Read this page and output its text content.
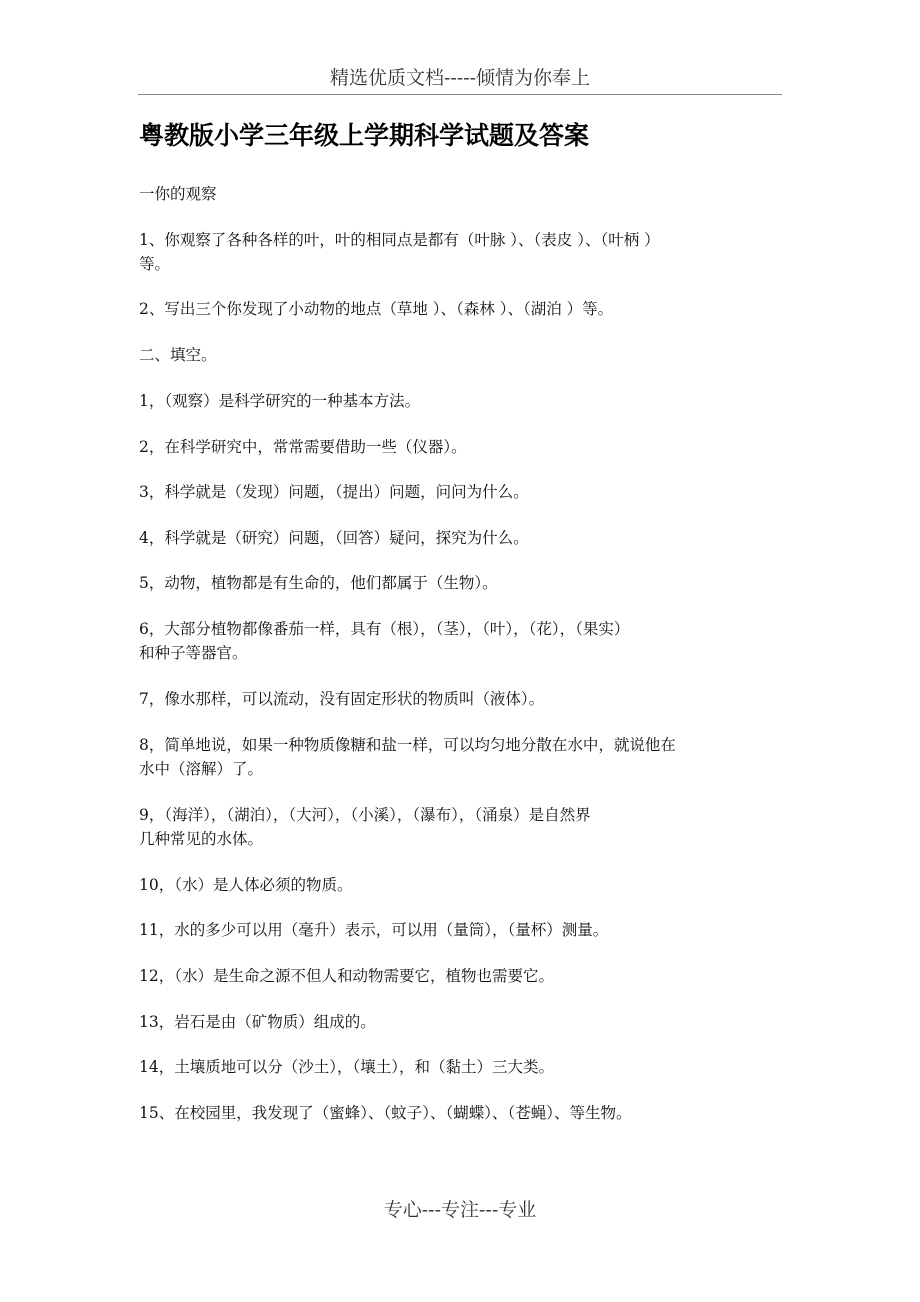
精选优质文档-----倾情为你奉上
粤教版小学三年级上学期科学试题及答案
一你的观察
1、你观察了各种各样的叶，叶的相同点是都有（叶脉 ）、（表皮 ）、（叶柄 ）
等。
2、写出三个你发现了小动物的地点（草地 ）、（森林 ）、（湖泊 ）等。
二、填空。
1，（观察）是科学研究的一种基本方法。
2，在科学研究中，常常需要借助一些（仪器）。
3，科学就是（发现）问题，（提出）问题，问问为什么。
4，科学就是（研究）问题，（回答）疑问，探究为什么。
5，动物，植物都是有生命的，他们都属于（生物）。
6，大部分植物都像番茄一样，具有（根），（茎），（叶），（花），（果实）
和种子等器官。
7，像水那样，可以流动，没有固定形状的物质叫（液体）。
8，简单地说，如果一种物质像糖和盐一样，可以均匀地分散在水中，就说他在
水中（溶解）了。
9，（海洋），（湖泊），（大河），（小溪），（瀑布），（涌泉）是自然界
几种常见的水体。
10，（水）是人体必须的物质。
11，水的多少可以用（毫升）表示，可以用（量筒），（量杯）测量。
12，（水）是生命之源不但人和动物需要它，植物也需要它。
13，岩石是由（矿物质）组成的。
14，土壤质地可以分（沙土），（壤土），和（黏土）三大类。
15、在校园里，我发现了（蜜蜂）、（蚊子）、（蝴蝶）、（苍蝇）、等生物。
专心---专注---专业
